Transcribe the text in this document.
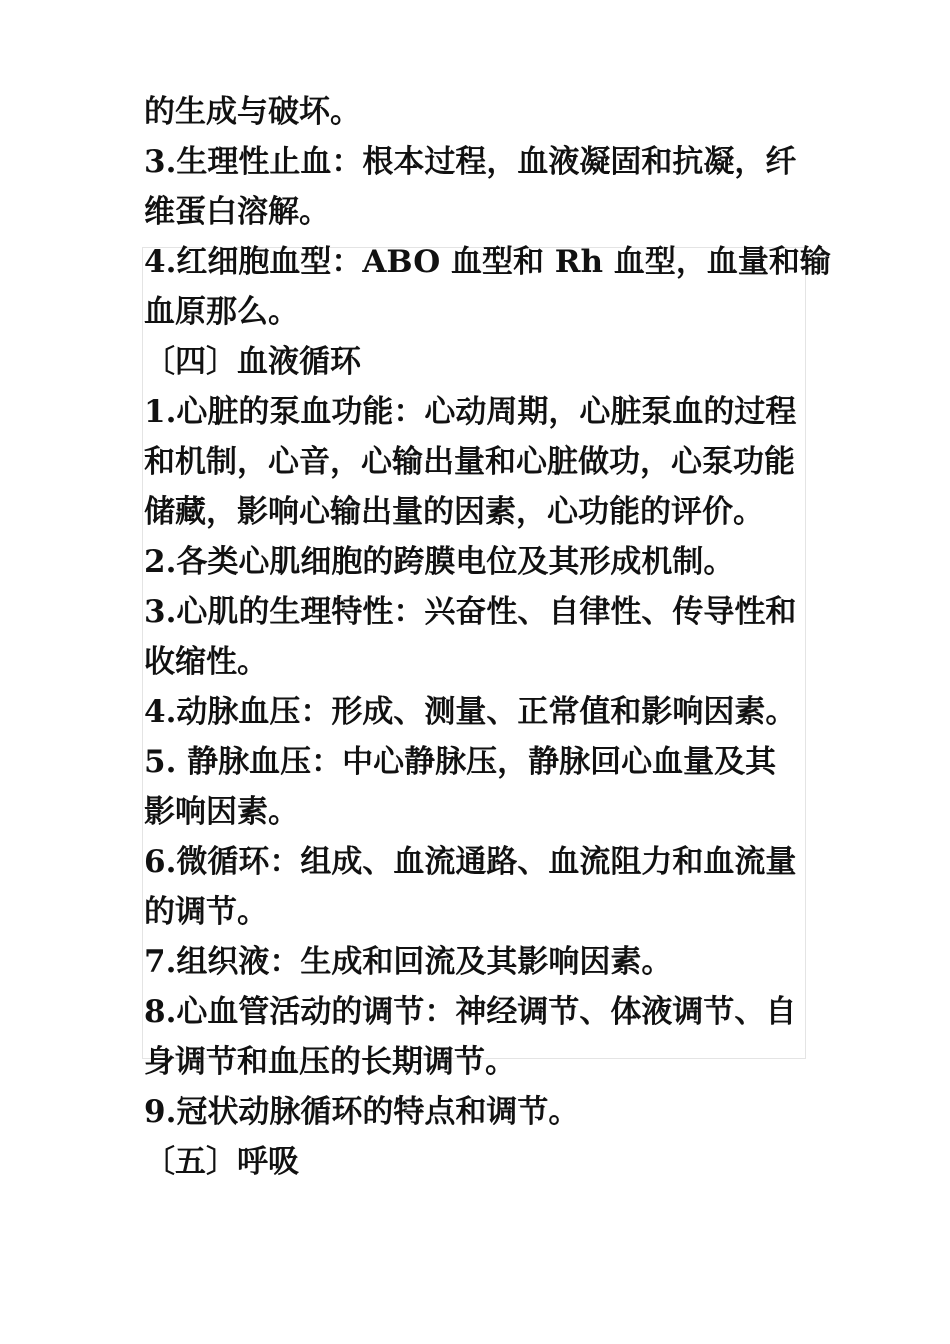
的生成与破坏。
3.生理性止血：根本过程，血液凝固和抗凝，纤
维蛋白溶解。
4.红细胞血型：ABO 血型和 Rh 血型，血量和输
血原那么。
〔四〕血液循环
1.心脏的泵血功能：心动周期，心脏泵血的过程
和机制，心音，心输出量和心脏做功，心泵功能
储藏，影响心输出量的因素，心功能的评价。
2.各类心肌细胞的跨膜电位及其形成机制。
3.心肌的生理特性：兴奋性、自律性、传导性和
收缩性。
4.动脉血压：形成、测量、正常值和影响因素。
5. 静脉血压：中心静脉压，静脉回心血量及其
影响因素。
6.微循环：组成、血流通路、血流阻力和血流量
的调节。
7.组织液：生成和回流及其影响因素。
8.心血管活动的调节：神经调节、体液调节、自
身调节和血压的长期调节。
9.冠状动脉循环的特点和调节。
〔五〕呼吸
